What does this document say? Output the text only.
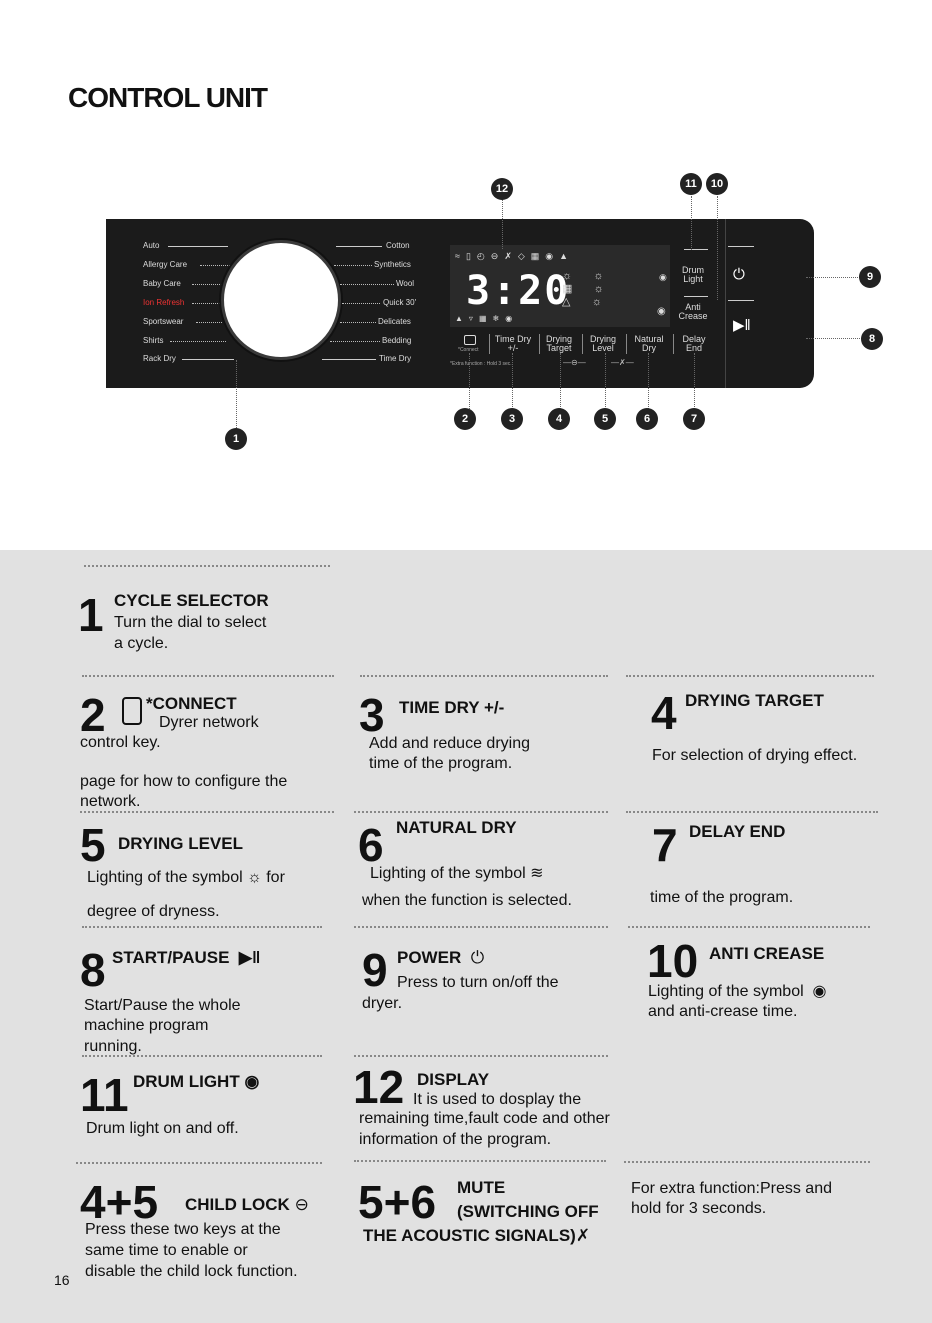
CONTROL UNIT
Auto
Allergy Care
Baby Care
Ion Refresh
Sportswear
Shirts
Rack Dry
Cotton
Synthetics
Wool
Quick 30'
Delicates
Bedding
Time Dry
≈▯◴⊖✗◇▦◉▲
3:20
☼       ☼
▦       ☼
△       ☼
◉
◉
▲▿▦❄◉
*Connect
Time Dry
+/-
Drying
Target
Drying
Level
Natural
Dry
Delay
End
*Extra function : Hold 3 sec.	—⊖—	—✗—
Drum
Light
Anti
Crease
⏻
▶‖
1
2	3	4	5	6	7
8
9
10
11
12
1 CYCLE SELECTOR
Turn the dial to select
a cycle.
2 *CONNECT
Dyrer network
control key.
page for how to configure the
network.
3 TIME DRY +/-
Add and reduce drying
time of the program.
4 DRYING TARGET
For selection of drying effect.
5 DRYING LEVEL
Lighting of the symbol ☼ for
degree of dryness.
6 NATURAL DRY
Lighting of the symbol ≋
when the function is selected.
7 DELAY END
time of the program.
8 START/PAUSE ▶‖
Start/Pause the whole
machine program
running.
9 POWER ⏻
Press to turn on/off the
dryer.
10 ANTI CREASE
Lighting of the symbol ◉
and anti-crease time.
11 DRUM LIGHT ◉
Drum light on and off.
12 DISPLAY
It is used to dosplay the
remaining time,fault code and other
information of the program.
4+5 CHILD LOCK ⊖
Press these two keys at the
same time to enable or
disable the child lock function.
5+6 MUTE
(SWITCHING OFF
THE ACOUSTIC SIGNALS)✗
For extra function:Press and
hold for 3 seconds.
16
